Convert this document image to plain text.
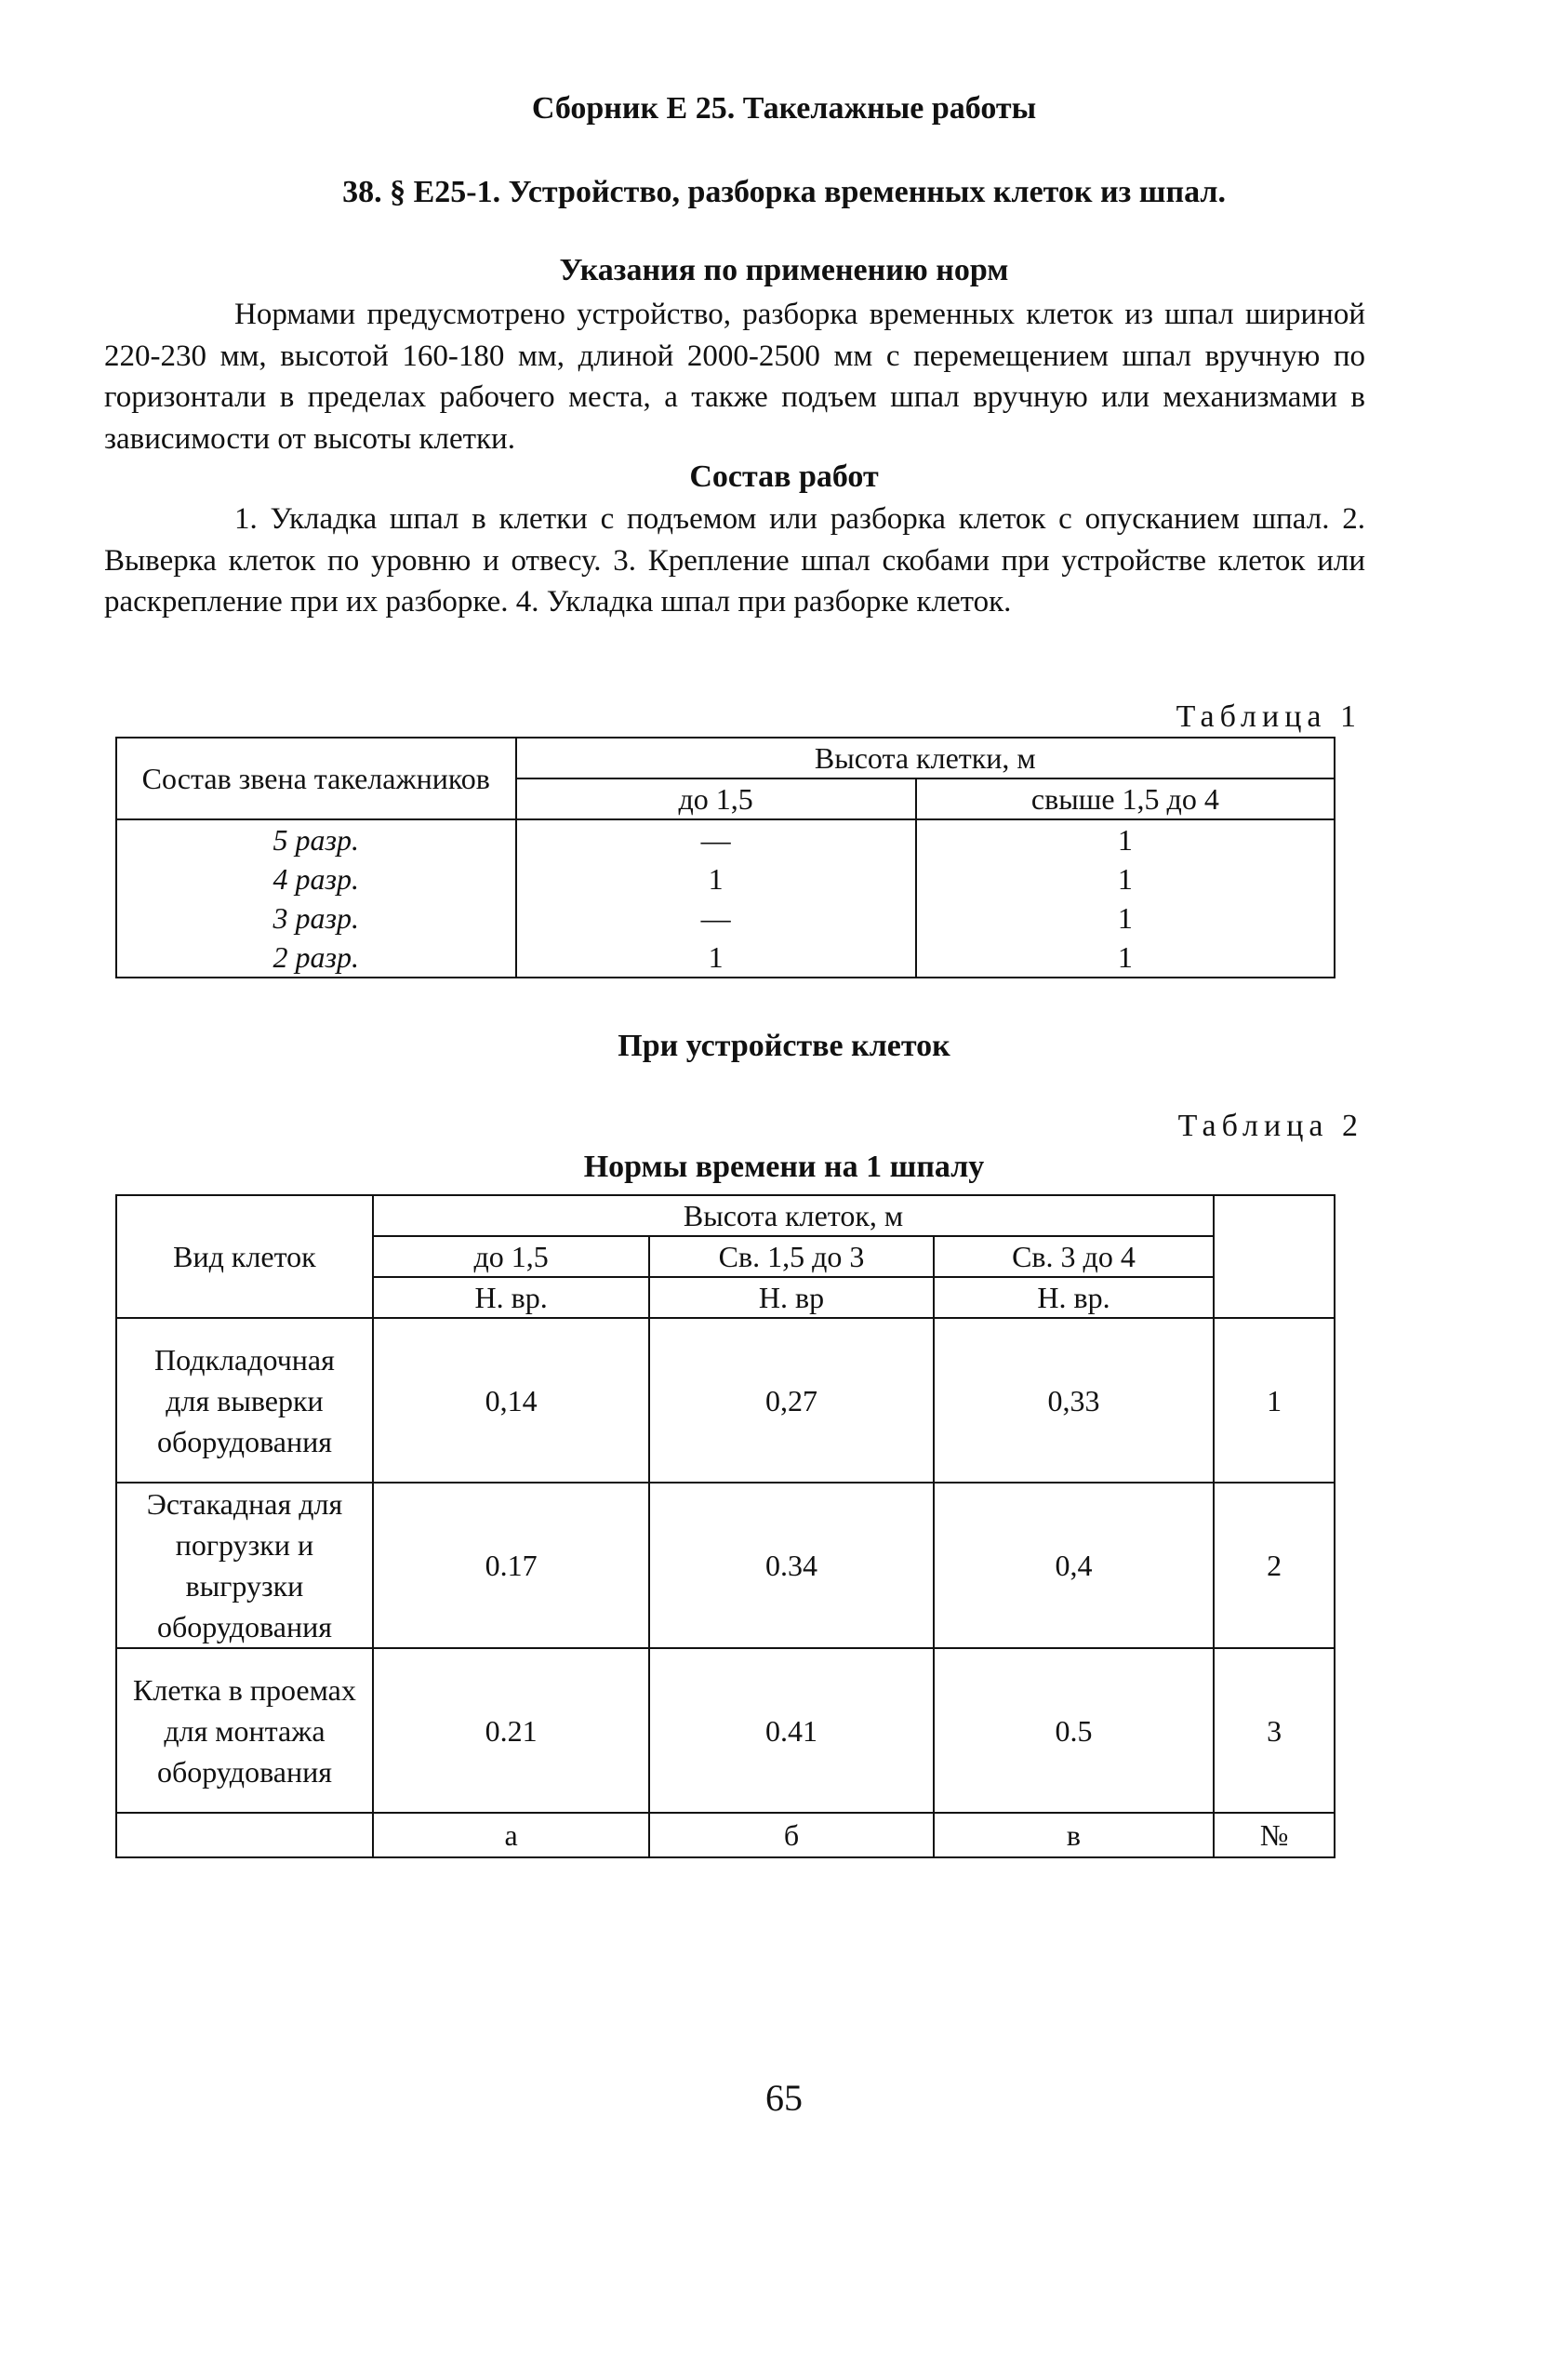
Сборник Е 25. Такелажные работы
38. § Е25-1. Устройство, разборка временных клеток из шпал.
Указания по применению норм
Нормами предусмотрено устройство, разборка временных клеток из шпал шириной 220-230 мм, высотой 160-180 мм, длиной 2000-2500 мм с перемещением шпал вручную по горизонтали в пределах рабочего места, а также подъем шпал вручную или механизмами в зависимости от высоты клетки.
Состав работ
1. Укладка шпал в клетки с подъемом или разборка клеток с опусканием шпал. 2. Выверка клеток по уровню и отвесу. 3. Крепление шпал скобами при устройстве клеток или раскрепление при их разборке. 4. Укладка шпал при разборке клеток.
Таблица 1
Состав звена такелажников	Высота клетки, м	
	до 1,5	свыше 1,5 до 4
5 разр.	—	1
4 разр.	1	1
3 разр.	—	1
2 разр.	1	1
При устройстве клеток
Таблица 2
Нормы времени на 1 шпалу
Вид клеток	Высота клеток, м			
	до 1,5	Св. 1,5 до 3	Св. 3 до 4	
	Н. вр.	Н. вр	Н. вр.	
Подкладочная для выверки оборудования	0,14	0,27	0,33	1
Эстакадная для погрузки и выгрузки оборудования	0.17	0.34	0,4	2
Клетка в проемах для монтажа оборудования	0.21	0.41	0.5	3
	а	б	в	№
65
